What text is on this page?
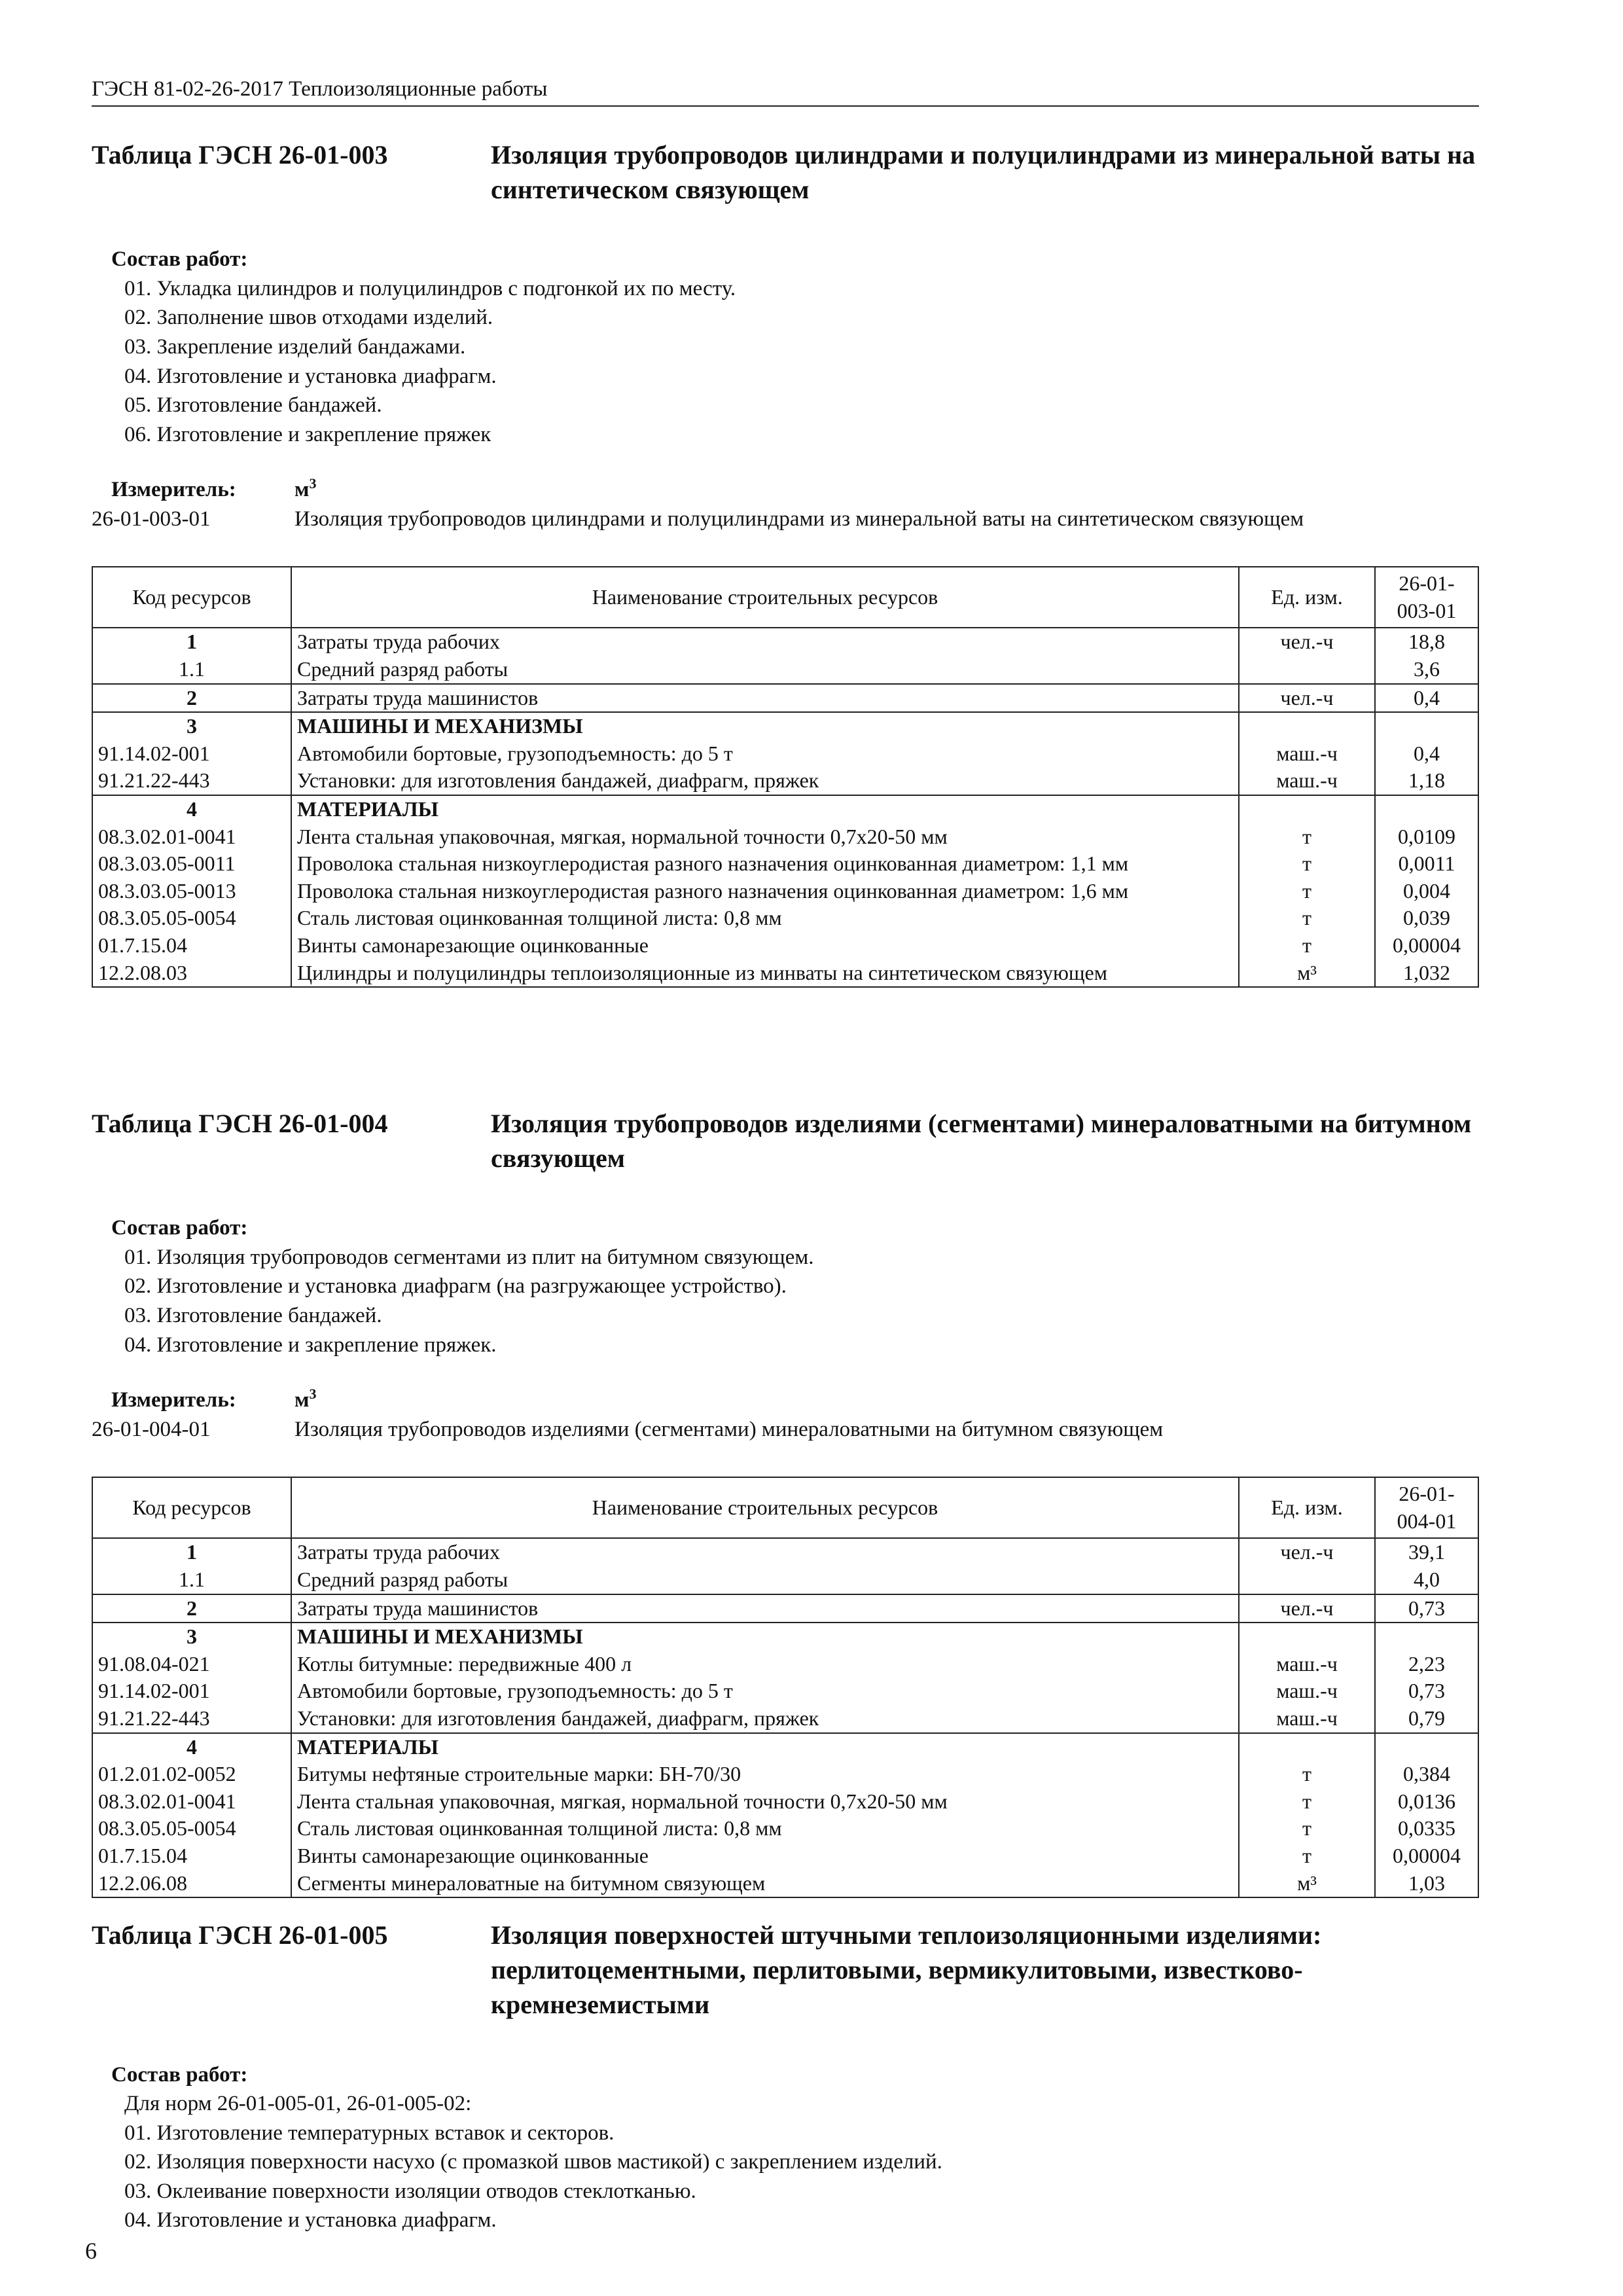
ГЭСН 81-02-26-2017 Теплоизоляционные работы
Таблица ГЭСН 26-01-003	Изоляция трубопроводов цилиндрами и полуцилиндрами из минеральной ваты на синтетическом связующем
Состав работ:
01. Укладка цилиндров и полуцилиндров с подгонкой их по месту.
02. Заполнение швов отходами изделий.
03. Закрепление изделий бандажами.
04. Изготовление и установка диафрагм.
05. Изготовление бандажей.
06. Изготовление и закрепление пряжек
Измеритель:	$м^3$
26-01-003-01	Изоляция трубопроводов цилиндрами и полуцилиндрами из минеральной ваты на синтетическом связующем
Код ресурсов	Наименование строительных ресурсов	Ед. изм.	26-01-003-01
1	Затраты труда рабочих	чел.-ч	18,8
1.1	Средний разряд работы		3,6
2	Затраты труда машинистов	чел.-ч	0,4
3	МАШИНЫ И МЕХАНИЗМЫ		
91.14.02-001	Автомобили бортовые, грузоподъемность: до 5 т	маш.-ч	0,4
91.21.22-443	Установки: для изготовления бандажей, диафрагм, пряжек	маш.-ч	1,18
4	МАТЕРИАЛЫ		
08.3.02.01-0041	Лента стальная упаковочная, мягкая, нормальной точности 0,7х20-50 мм	т	0,0109
08.3.03.05-0011	Проволока стальная низкоуглеродистая разного назначения оцинкованная диаметром: 1,1 мм	т	0,0011
08.3.03.05-0013	Проволока стальная низкоуглеродистая разного назначения оцинкованная диаметром: 1,6 мм	т	0,004
08.3.05.05-0054	Сталь листовая оцинкованная толщиной листа: 0,8 мм	т	0,039
01.7.15.04	Винты самонарезающие оцинкованные	т	0,00004
12.2.08.03	Цилиндры и полуцилиндры теплоизоляционные из минваты на синтетическом связующем	м³	1,032
Таблица ГЭСН 26-01-004	Изоляция трубопроводов изделиями (сегментами) минераловатными на битумном связующем
Состав работ:
01. Изоляция трубопроводов сегментами из плит на битумном связующем.
02. Изготовление и установка диафрагм (на разгружающее устройство).
03. Изготовление бандажей.
04. Изготовление и закрепление пряжек.
Измеритель:	$м^3$
26-01-004-01	Изоляция трубопроводов изделиями (сегментами) минераловатными на битумном связующем
Код ресурсов	Наименование строительных ресурсов	Ед. изм.	26-01-004-01
1	Затраты труда рабочих	чел.-ч	39,1
1.1	Средний разряд работы		4,0
2	Затраты труда машинистов	чел.-ч	0,73
3	МАШИНЫ И МЕХАНИЗМЫ		
91.08.04-021	Котлы битумные: передвижные 400 л	маш.-ч	2,23
91.14.02-001	Автомобили бортовые, грузоподъемность: до 5 т	маш.-ч	0,73
91.21.22-443	Установки: для изготовления бандажей, диафрагм, пряжек	маш.-ч	0,79
4	МАТЕРИАЛЫ		
01.2.01.02-0052	Битумы нефтяные строительные марки: БН-70/30	т	0,384
08.3.02.01-0041	Лента стальная упаковочная, мягкая, нормальной точности 0,7х20-50 мм	т	0,0136
08.3.05.05-0054	Сталь листовая оцинкованная толщиной листа: 0,8 мм	т	0,0335
01.7.15.04	Винты самонарезающие оцинкованные	т	0,00004
12.2.06.08	Сегменты минераловатные на битумном связующем	м³	1,03
Таблица ГЭСН 26-01-005	Изоляция поверхностей штучными теплоизоляционными изделиями: перлитоцементными, перлитовыми, вермикулитовыми, известково-кремнеземистыми
Состав работ:
Для норм 26-01-005-01, 26-01-005-02:
01. Изготовление температурных вставок и секторов.
02. Изоляция поверхности насухо (с промазкой швов мастикой) с закреплением изделий.
03. Оклеивание поверхности изоляции отводов стеклотканью.
04. Изготовление и установка диафрагм.
6
